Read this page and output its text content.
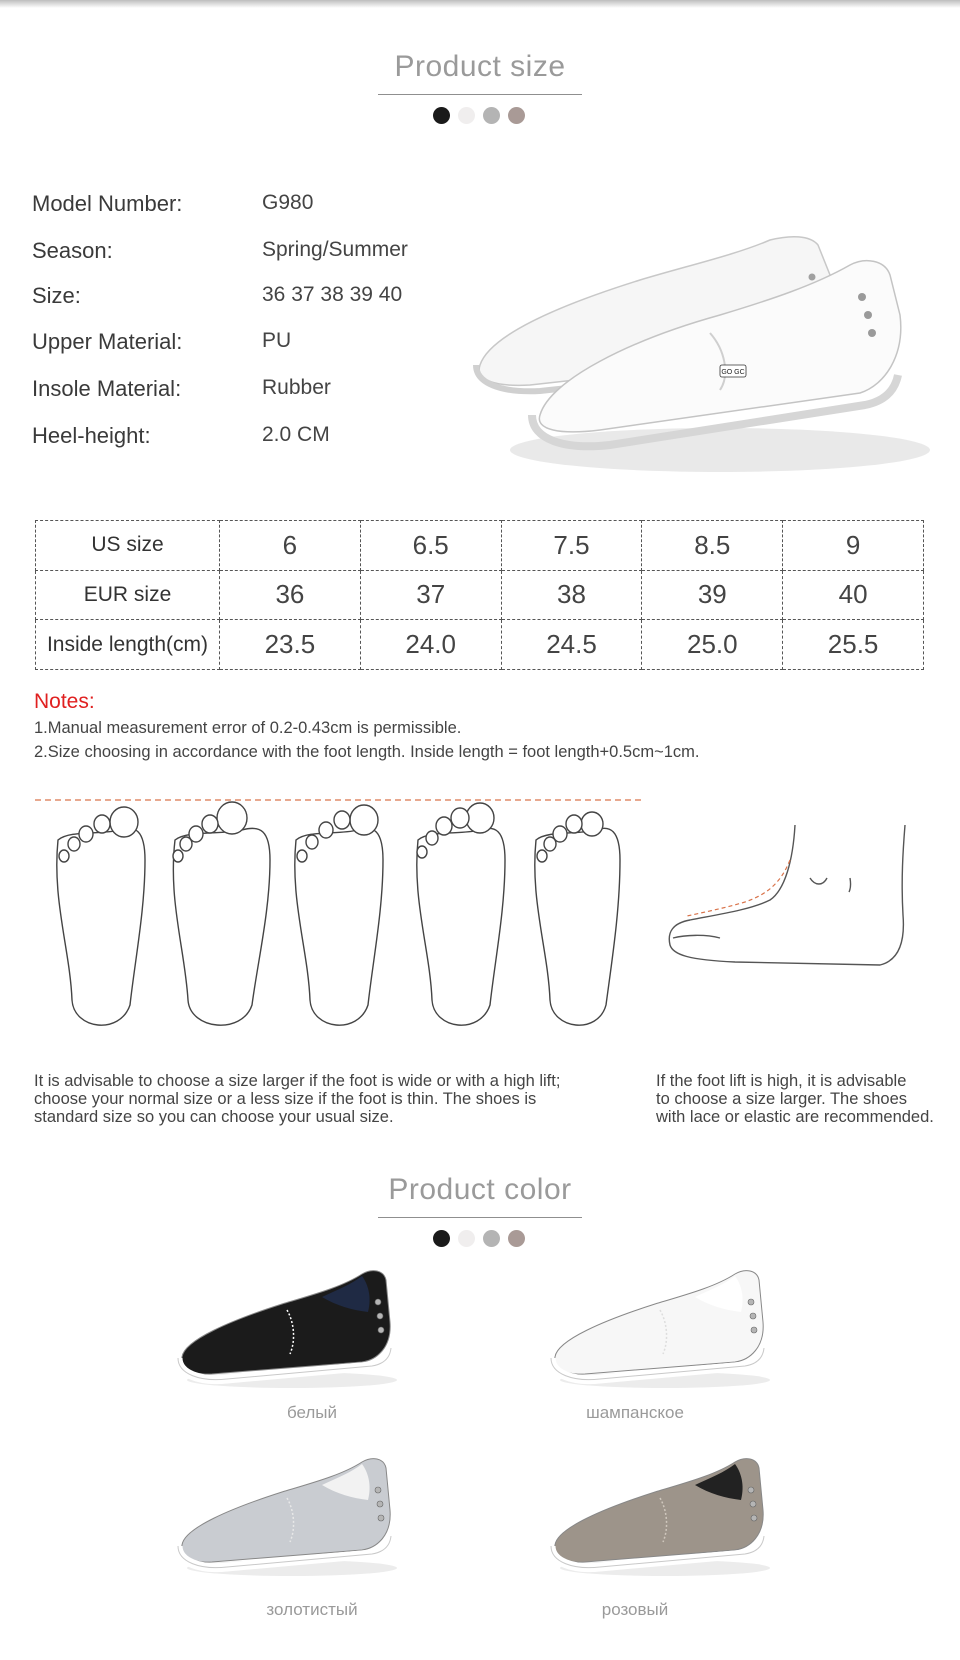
Product size
Model Number:	G980
Season:	Spring/Summer
Size:	36 37 38 39 40
Upper Material:	PU
Insole Material:	Rubber
Heel-height:	2.0 CM
GO GC
US size	6	6.5	7.5	8.5	9
EUR size	36	37	38	39	40
Inside length(cm)	23.5	24.0	24.5	25.0	25.5
Notes:
1.Manual measurement error of 0.2-0.43cm is permissible.
2.Size choosing in accordance with the foot length. Inside length = foot length+0.5cm~1cm.
It is advisable to choose a size larger if the foot is wide or with a high lift;
choose your normal size or a less size if the foot is thin. The shoes is
standard size so you can choose your usual size.
If the foot lift is high, it is advisable
to choose a size larger. The shoes
with lace or elastic are recommended.
Product color
белый	шампанское
золотистый	розовый
